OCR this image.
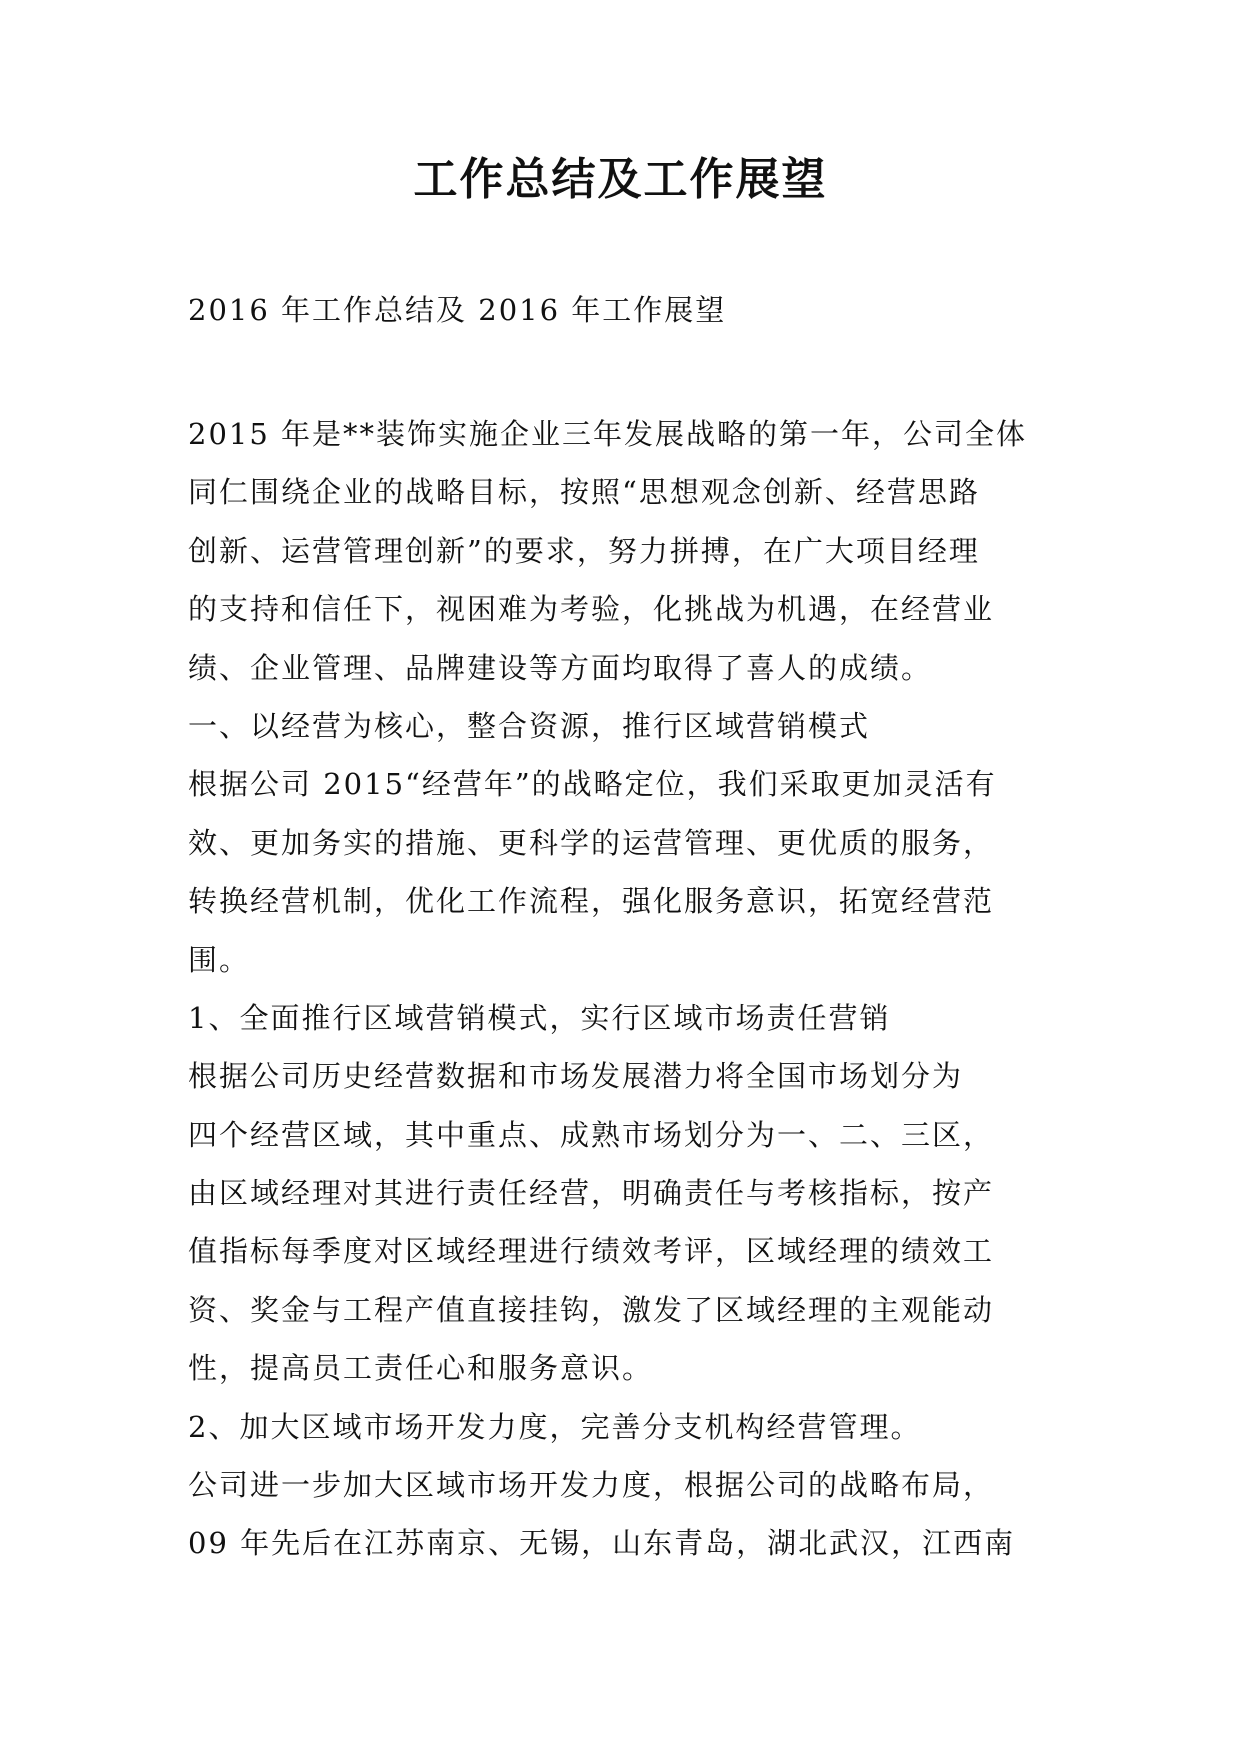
工作总结及工作展望

2016 年工作总结及 2016 年工作展望

2015 年是**装饰实施企业三年发展战略的第一年，公司全体
同仁围绕企业的战略目标，按照“思想观念创新、经营思路
创新、运营管理创新”的要求，努力拼搏，在广大项目经理
的支持和信任下，视困难为考验，化挑战为机遇，在经营业
绩、企业管理、品牌建设等方面均取得了喜人的成绩。
一、以经营为核心，整合资源，推行区域营销模式
根据公司 2015“经营年”的战略定位，我们采取更加灵活有
效、更加务实的措施、更科学的运营管理、更优质的服务，
转换经营机制，优化工作流程，强化服务意识，拓宽经营范
围。
1、全面推行区域营销模式，实行区域市场责任营销
根据公司历史经营数据和市场发展潜力将全国市场划分为
四个经营区域，其中重点、成熟市场划分为一、二、三区，
由区域经理对其进行责任经营，明确责任与考核指标，按产
值指标每季度对区域经理进行绩效考评，区域经理的绩效工
资、奖金与工程产值直接挂钩，激发了区域经理的主观能动
性，提高员工责任心和服务意识。
2、加大区域市场开发力度，完善分支机构经营管理。
公司进一步加大区域市场开发力度，根据公司的战略布局，
09 年先后在江苏南京、无锡，山东青岛，湖北武汉，江西南
